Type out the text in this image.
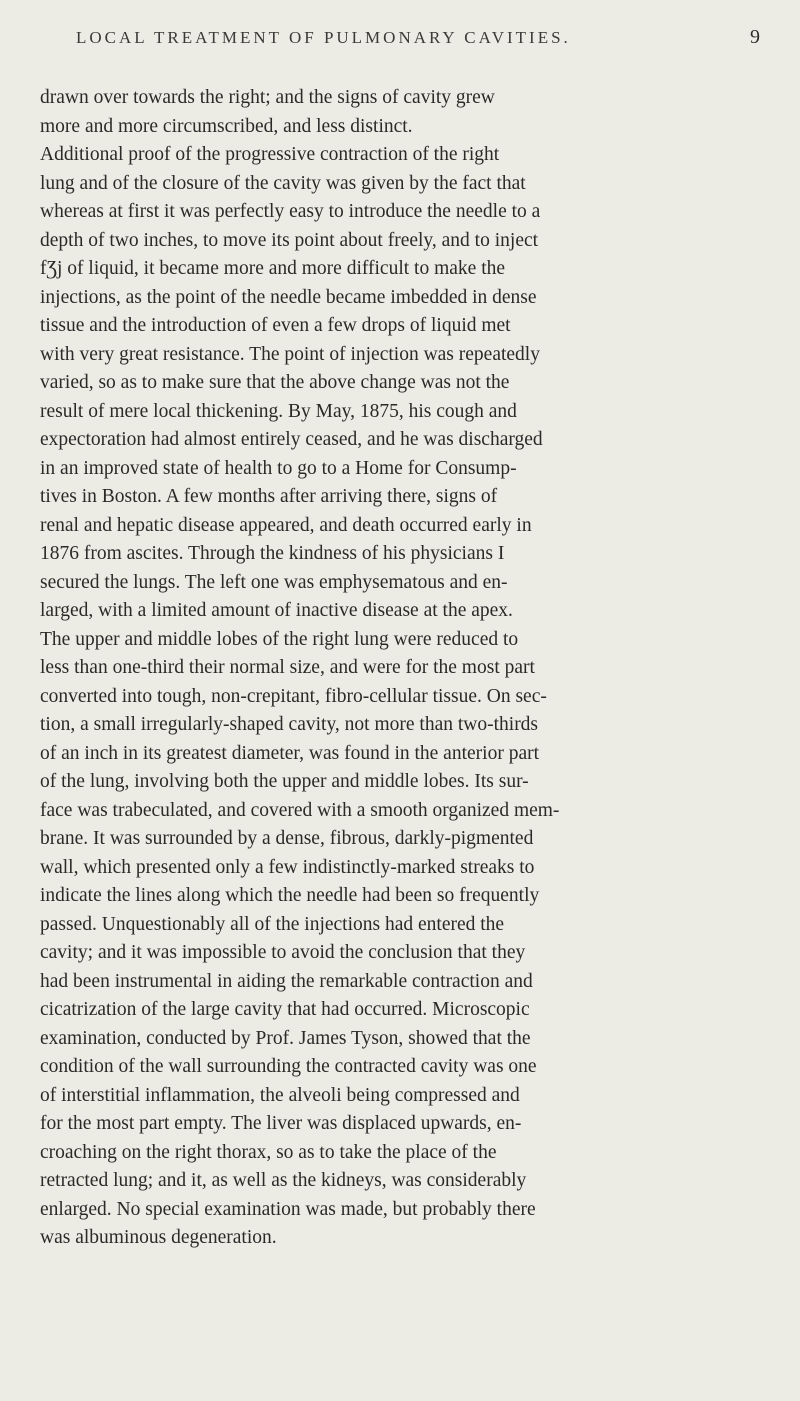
LOCAL TREATMENT OF PULMONARY CAVITIES.	9
drawn over towards the right; and the signs of cavity grew
more and more circumscribed, and less distinct.
Additional proof of the progressive contraction of the right
lung and of the closure of the cavity was given by the fact that
whereas at first it was perfectly easy to introduce the needle to a
depth of two inches, to move its point about freely, and to inject
fƷj of liquid, it became more and more difficult to make the
injections, as the point of the needle became imbedded in dense
tissue and the introduction of even a few drops of liquid met
with very great resistance. The point of injection was repeatedly
varied, so as to make sure that the above change was not the
result of mere local thickening. By May, 1875, his cough and
expectoration had almost entirely ceased, and he was discharged
in an improved state of health to go to a Home for Consump-
tives in Boston. A few months after arriving there, signs of
renal and hepatic disease appeared, and death occurred early in
1876 from ascites. Through the kindness of his physicians I
secured the lungs. The left one was emphysematous and en-
larged, with a limited amount of inactive disease at the apex.
The upper and middle lobes of the right lung were reduced to
less than one-third their normal size, and were for the most part
converted into tough, non-crepitant, fibro-cellular tissue. On sec-
tion, a small irregularly-shaped cavity, not more than two-thirds
of an inch in its greatest diameter, was found in the anterior part
of the lung, involving both the upper and middle lobes. Its sur-
face was trabeculated, and covered with a smooth organized mem-
brane. It was surrounded by a dense, fibrous, darkly-pigmented
wall, which presented only a few indistinctly-marked streaks to
indicate the lines along which the needle had been so frequently
passed. Unquestionably all of the injections had entered the
cavity; and it was impossible to avoid the conclusion that they
had been instrumental in aiding the remarkable contraction and
cicatrization of the large cavity that had occurred. Microscopic
examination, conducted by Prof. James Tyson, showed that the
condition of the wall surrounding the contracted cavity was one
of interstitial inflammation, the alveoli being compressed and
for the most part empty. The liver was displaced upwards, en-
croaching on the right thorax, so as to take the place of the
retracted lung; and it, as well as the kidneys, was considerably
enlarged. No special examination was made, but probably there
was albuminous degeneration.
